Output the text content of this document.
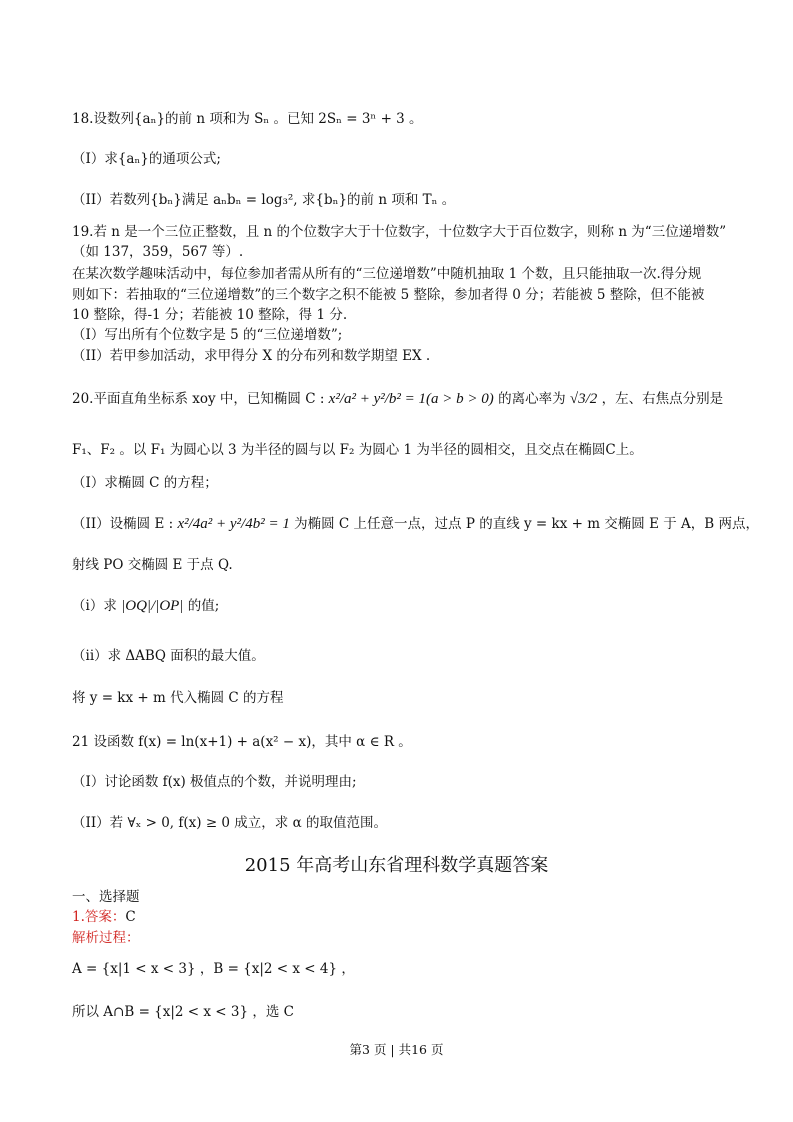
18.设数列{aₙ}的前 n 项和为 Sₙ 。已知 2Sₙ = 3ⁿ + 3 。
（I）求{aₙ}的通项公式;
（II）若数列{bₙ}满足 aₙbₙ = log₃², 求{bₙ}的前 n 项和 Tₙ 。
19.若 n 是一个三位正整数，且 n 的个位数字大于十位数字，十位数字大于百位数字，则称 n 为“三位递增数”
（如 137，359，567 等）.
在某次数学趣味活动中，每位参加者需从所有的“三位递增数”中随机抽取 1 个数，且只能抽取一次.得分规
则如下：若抽取的“三位递增数”的三个数字之积不能被 5 整除，参加者得 0 分；若能被 5 整除，但不能被
10 整除，得-1 分；若能被 10 整除，得 1 分.
（I）写出所有个位数字是 5 的“三位递增数”;
（II）若甲参加活动，求甲得分 X 的分布列和数学期望 EX .
20.平面直角坐标系 xoy 中，已知椭圆 C : x²/a² + y²/b² = 1(a > b > 0) 的离心率为 √3/2 ，左、右焦点分别是
F₁、F₂ 。以 F₁ 为圆心以 3 为半径的圆与以 F₂ 为圆心 1 为半径的圆相交，且交点在椭圆C上。
（I）求椭圆 C 的方程；
（II）设椭圆 E : x²/4a² + y²/4b² = 1 为椭圆 C 上任意一点，过点 P 的直线 y = kx + m 交椭圆 E 于 A，B 两点，
射线 PO 交椭圆 E 于点 Q.
（i）求 |OQ|/|OP| 的值;
（ii）求 ΔABQ 面积的最大值。
将 y = kx + m 代入椭圆 C 的方程
21 设函数 f(x) = ln(x+1) + a(x² − x)，其中 α ∈ R 。
（I）讨论函数 f(x) 极值点的个数，并说明理由;
（II）若 ∀ₓ > 0, f(x) ≥ 0 成立，求 α 的取值范围。
2015 年高考山东省理科数学真题答案
一、选择题
1.答案：C
解析过程：
A = {x|1 < x < 3} ，B = {x|2 < x < 4} ，
所以 A∩B = {x|2 < x < 3} ，选 C
第3 页 | 共16 页
